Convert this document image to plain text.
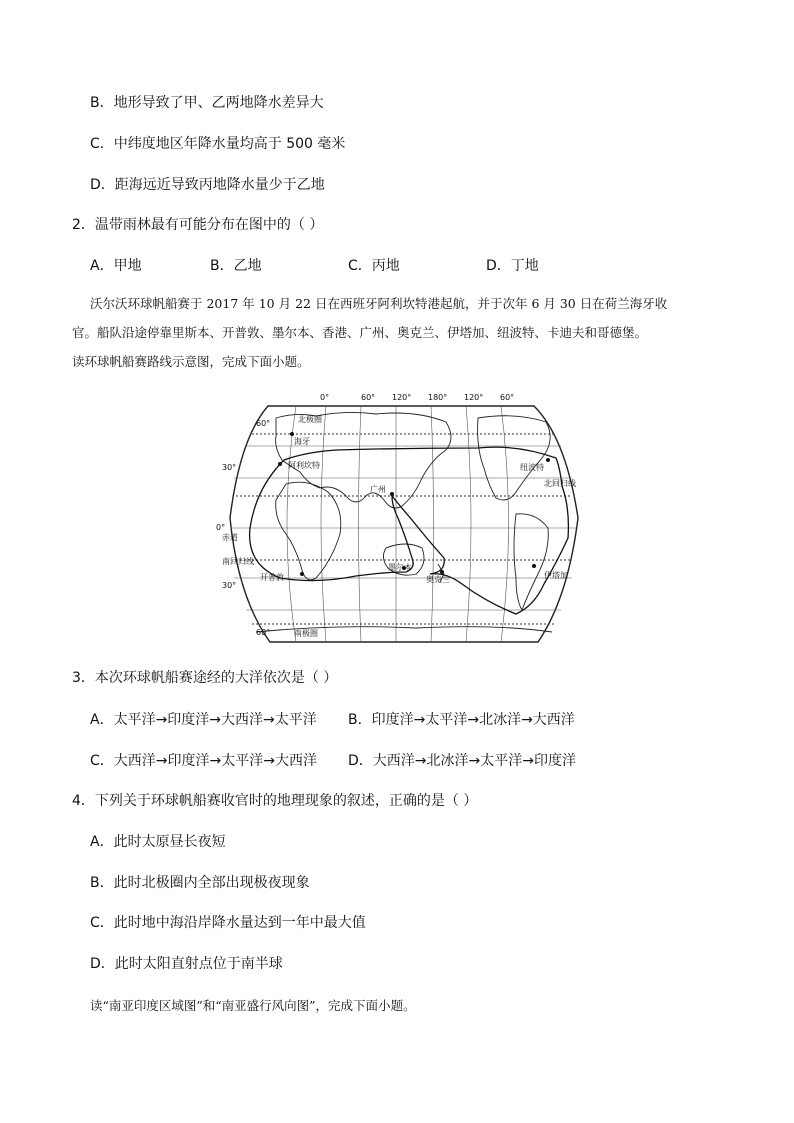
B．地形导致了甲、乙两地降水差异大
C．中纬度地区年降水量均高于 500 毫米
D．距海远近导致丙地降水量少于乙地
2．温带雨林最有可能分布在图中的（ ）
A．甲地	B．乙地	C．丙地	D．丁地
沃尔沃环球帆船赛于 2017 年 10 月 22 日在西班牙阿利坎特港起航，并于次年 6 月 30 日在荷兰海牙收
官。船队沿途停靠里斯本、开普敦、墨尔本、香港、广州、奥克兰、伊塔加、纽波特、卡迪夫和哥德堡。
读环球帆船赛路线示意图，完成下面小题。
0°	60° 120° 180° 120° 60°
60°
30°
0°
30°
60°
北极圈
海牙
阿利坎特
广州
纽波特
北回归线
赤道
南回归线
开普敦
墨尔本
奥克兰	伊塔加
南极圈
3．本次环球帆船赛途经的大洋依次是（ ）
A．太平洋→印度洋→大西洋→太平洋 B．印度洋→太平洋→北冰洋→大西洋
C．大西洋→印度洋→太平洋→大西洋 D．大西洋→北冰洋→太平洋→印度洋
4．下列关于环球帆船赛收官时的地理现象的叙述，正确的是（ ）
A．此时太原昼长夜短
B．此时北极圈内全部出现极夜现象
C．此时地中海沿岸降水量达到一年中最大值
D．此时太阳直射点位于南半球
读“南亚印度区域图”和“南亚盛行风向图”，完成下面小题。
